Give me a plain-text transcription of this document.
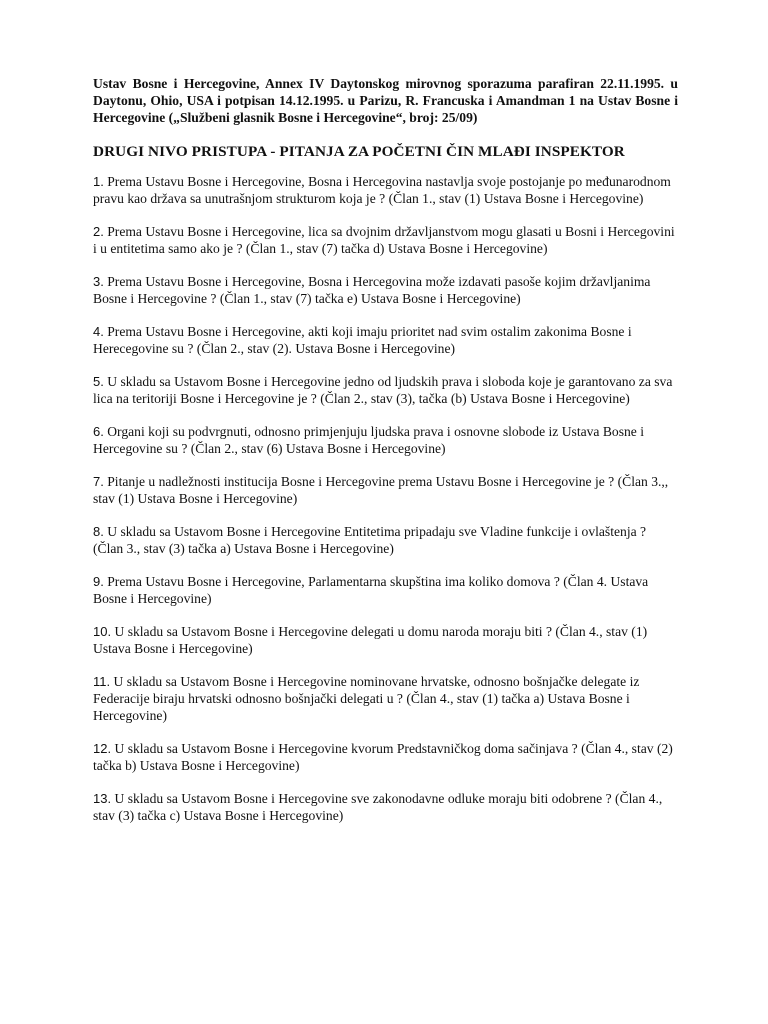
Ustav Bosne i Hercegovine, Annex IV Daytonskog mirovnog sporazuma parafiran 22.11.1995. u Daytonu, Ohio, USA i potpisan 14.12.1995. u Parizu, R. Francuska i Amandman 1 na Ustav Bosne i Hercegovine („Službeni glasnik Bosne i Hercegovine“, broj: 25/09)

DRUGI NIVO PRISTUPA - PITANJA ZA POČETNI ČIN MLAĐI INSPEKTOR

1. Prema Ustavu Bosne i Hercegovine, Bosna i Hercegovina nastavlja svoje postojanje po međunarodnom pravu kao država sa unutrašnjom strukturom koja je ? (Član 1., stav (1) Ustava Bosne i Hercegovine)

2. Prema Ustavu Bosne i Hercegovine, lica sa dvojnim državljanstvom mogu glasati u Bosni i Hercegovini i u entitetima samo ako je ? (Član 1., stav (7) tačka d) Ustava Bosne i Hercegovine)

3. Prema Ustavu Bosne i Hercegovine, Bosna i Hercegovina može izdavati pasoše kojim državljanima Bosne i Hercegovine ? (Član 1., stav (7) tačka e) Ustava Bosne i Hercegovine)

4. Prema Ustavu Bosne i Hercegovine, akti koji imaju prioritet nad svim ostalim zakonima Bosne i Herecegovine su ? (Član 2., stav (2). Ustava Bosne i Hercegovine)

5. U skladu sa Ustavom Bosne i Hercegovine jedno od ljudskih prava i sloboda koje je garantovano za sva lica na teritoriji Bosne i Hercegovine je ? (Član 2., stav (3), tačka (b) Ustava Bosne i Hercegovine)

6. Organi koji su podvrgnuti, odnosno primjenjuju ljudska prava i osnovne slobode iz Ustava Bosne i Hercegovine su ? (Član 2., stav (6) Ustava Bosne i Hercegovine)

7. Pitanje u nadležnosti institucija Bosne i Hercegovine prema Ustavu Bosne i Hercegovine je ? (Član 3.,, stav (1) Ustava Bosne i Hercegovine)

8. U skladu sa Ustavom Bosne i Hercegovine Entitetima pripadaju sve Vladine funkcije i ovlaštenja ? (Član 3., stav (3) tačka a) Ustava Bosne i Hercegovine)

9. Prema Ustavu Bosne i Hercegovine, Parlamentarna skupština ima koliko domova ? (Član 4. Ustava Bosne i Hercegovine)

10. U skladu sa Ustavom Bosne i Hercegovine delegati u domu naroda moraju biti ? (Član 4., stav (1) Ustava Bosne i Hercegovine)

11. U skladu sa Ustavom Bosne i Hercegovine nominovane hrvatske, odnosno bošnjačke delegate iz Federacije biraju hrvatski odnosno bošnjački delegati u ? (Član 4., stav (1) tačka a) Ustava Bosne i Hercegovine)

12. U skladu sa Ustavom Bosne i Hercegovine kvorum Predstavničkog doma sačinjava ? (Član 4., stav (2) tačka b) Ustava Bosne i Hercegovine)

13. U skladu sa Ustavom Bosne i Hercegovine sve zakonodavne odluke moraju biti odobrene ? (Član 4., stav (3) tačka c) Ustava Bosne i Hercegovine)
